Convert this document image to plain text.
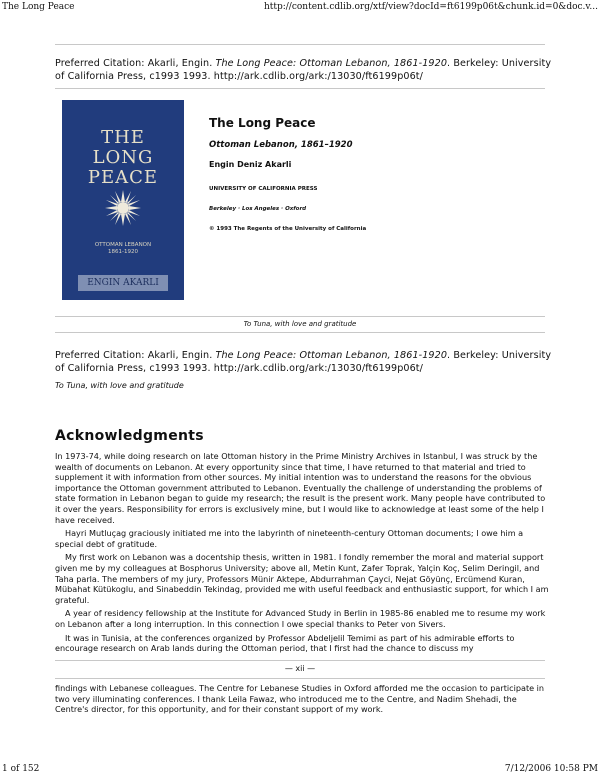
The Long Peace	http://content.cdlib.org/xtf/view?docId=ft6199p06t&chunk.id=0&doc.v...
Preferred Citation: Akarli, Engin. The Long Peace: Ottoman Lebanon, 1861-1920. Berkeley: University of California Press, c1993 1993. http://ark.cdlib.org/ark:/13030/ft6199p06t/
THE
LONG
PEACE
OTTOMAN LEBANON
1861-1920
ENGIN AKARLI
The Long Peace
Ottoman Lebanon, 1861–1920
Engin Deniz Akarli
UNIVERSITY OF CALIFORNIA PRESS
Berkeley · Los Angeles · Oxford
© 1993 The Regents of the University of California
To Tuna, with love and gratitude
Preferred Citation: Akarli, Engin. The Long Peace: Ottoman Lebanon, 1861-1920. Berkeley: University of California Press, c1993 1993. http://ark.cdlib.org/ark:/13030/ft6199p06t/
To Tuna, with love and gratitude
Acknowledgments

In 1973-74, while doing research on late Ottoman history in the Prime Ministry Archives in Istanbul, I was struck by the wealth of documents on Lebanon. At every opportunity since that time, I have returned to that material and tried to supplement it with information from other sources. My initial intention was to understand the reasons for the obvious importance the Ottoman government attributed to Lebanon. Eventually the challenge of understanding the problems of state formation in Lebanon began to guide my research; the result is the present work. Many people have contributed to it over the years. Responsibility for errors is exclusively mine, but I would like to acknowledge at least some of the help I have received.

Hayri Mutluçag graciously initiated me into the labyrinth of nineteenth-century Ottoman documents; I owe him a special debt of gratitude.

My first work on Lebanon was a docentship thesis, written in 1981. I fondly remember the moral and material support given me by my colleagues at Bosphorus University; above all, Metin Kunt, Zafer Toprak, Yalçin Koç, Selim Deringil, and Taha parla. The members of my jury, Professors Münir Aktepe, Abdurrahman Çayci, Nejat Göyünç, Ercümend Kuran, Mübahat Kütükoglu, and Sinabeddin Tekindag, provided me with useful feedback and enthusiastic support, for which I am grateful.

A year of residency fellowship at the Institute for Advanced Study in Berlin in 1985-86 enabled me to resume my work on Lebanon after a long interruption. In this connection I owe special thanks to Peter von Sivers.

It was in Tunisia, at the conferences organized by Professor Abdeljelil Temimi as part of his admirable efforts to encourage research on Arab lands during the Ottoman period, that I first had the chance to discuss my

— xii —

findings with Lebanese colleagues. The Centre for Lebanese Studies in Oxford afforded me the occasion to participate in two very illuminating conferences. I thank Leila Fawaz, who introduced me to the Centre, and Nadim Shehadi, the Centre's director, for this opportunity, and for their constant support of my work.

1 of 152	7/12/2006 10:58 PM
